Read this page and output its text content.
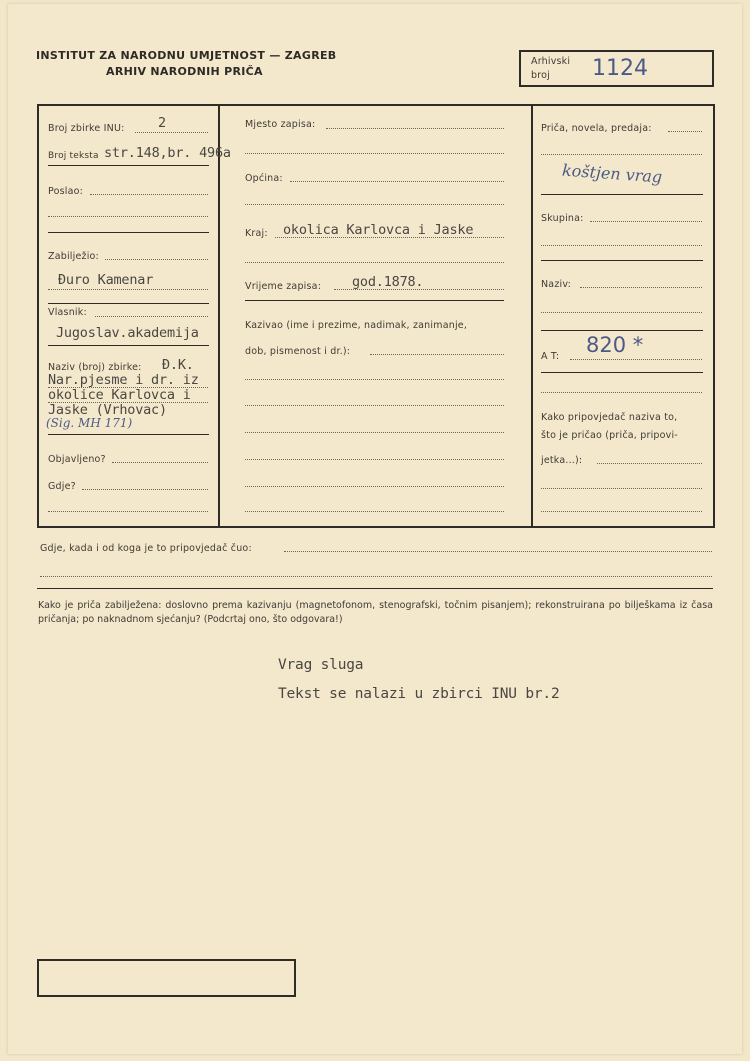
INSTITUT ZA NARODNU UMJETNOST — ZAGREB
ARHIV NARODNIH PRIČA
Arhivski
broj 1124
Broj zbirke INU: 2
Broj teksta str.148,br. 496a
Poslao:
Zabilježio:
Đuro Kamenar
Vlasnik:
Jugoslav.akademija
Naziv (broj) zbirke: Đ.K.
Nar.pjesme i dr. iz
okolice Karlovca i
Jaske (Vrhovac)
(Sig. MH 171)
Objavljeno?
Gdje?
Mjesto zapisa:
Općina:
Kraj: okolica Karlovca i Jaske
Vrijeme zapisa: god.1878.
Kazivao (ime i prezime, nadimak, zanimanje,
dob, pismenost i dr.):
Priča, novela, predaja:
koštjen vrag
Skupina:
Naziv:
A T: 820 *
Kako pripovjedač naziva to,
što je pričao (priča, pripovi-
jetka...):
Gdje, kada i od koga je to pripovjedač čuo:
Kako je priča zabilježena: doslovno prema kazivanju (magnetofonom, stenografski, točnim pisanjem); rekonstruirana po bilješkama iz časa pričanja; po naknadnom sjećanju? (Podcrtaj ono, što odgovara!)
Vrag sluga
Tekst se nalazi u zbirci INU br.2
